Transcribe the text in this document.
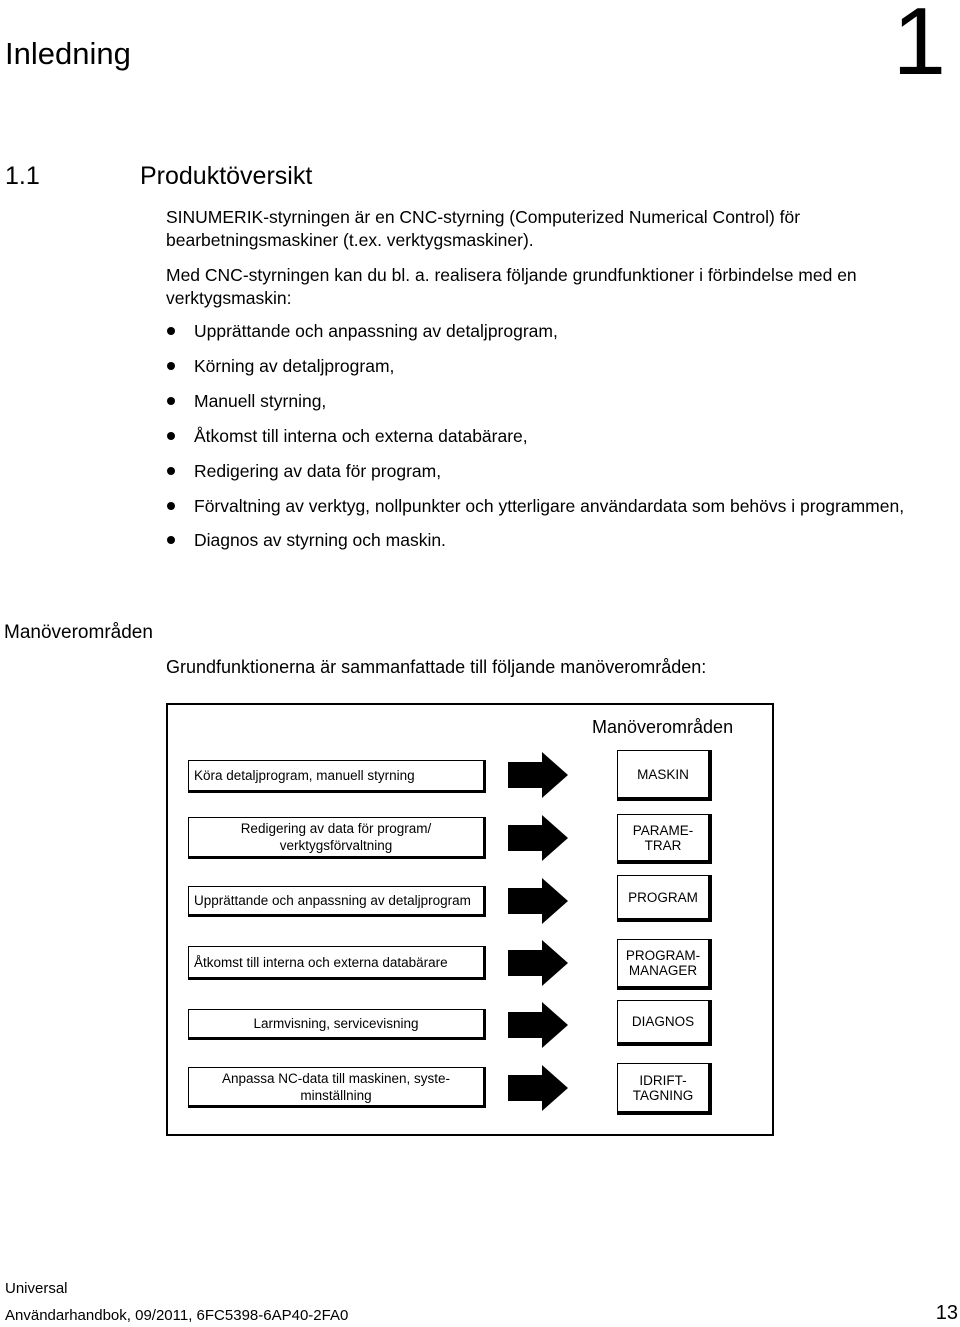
Inledning	1
1.1	Produktöversikt
SINUMERIK-styrningen är en CNC-styrning (Computerized Numerical Control) för bearbetningsmaskiner (t.ex. verktygsmaskiner).
Med CNC-styrningen kan du bl. a. realisera följande grundfunktioner i förbindelse med en verktygsmaskin:
Upprättande och anpassning av detaljprogram,
Körning av detaljprogram,
Manuell styrning,
Åtkomst till interna och externa databärare,
Redigering av data för program,
Förvaltning av verktyg, nollpunkter och ytterligare användardata som behövs i programmen,
Diagnos av styrning och maskin.
Manöverområden
Grundfunktionerna är sammanfattade till följande manöverområden:
Manöverområden
Köra detaljprogram, manuell styrning	MASKIN
Redigering av data för program/ verktygsförvaltning
PARAME-
TRAR
Upprättande och anpassning av detaljprogram	PROGRAM
Åtkomst till interna och externa databärare	PROGRAM-
MANAGER
Larmvisning, servicevisning	DIAGNOS
Anpassa NC-data till maskinen, syste-
minställning
IDRIFT-
TAGNING
Universal
Användarhandbok, 09/2011, 6FC5398-6AP40-2FA0	13
